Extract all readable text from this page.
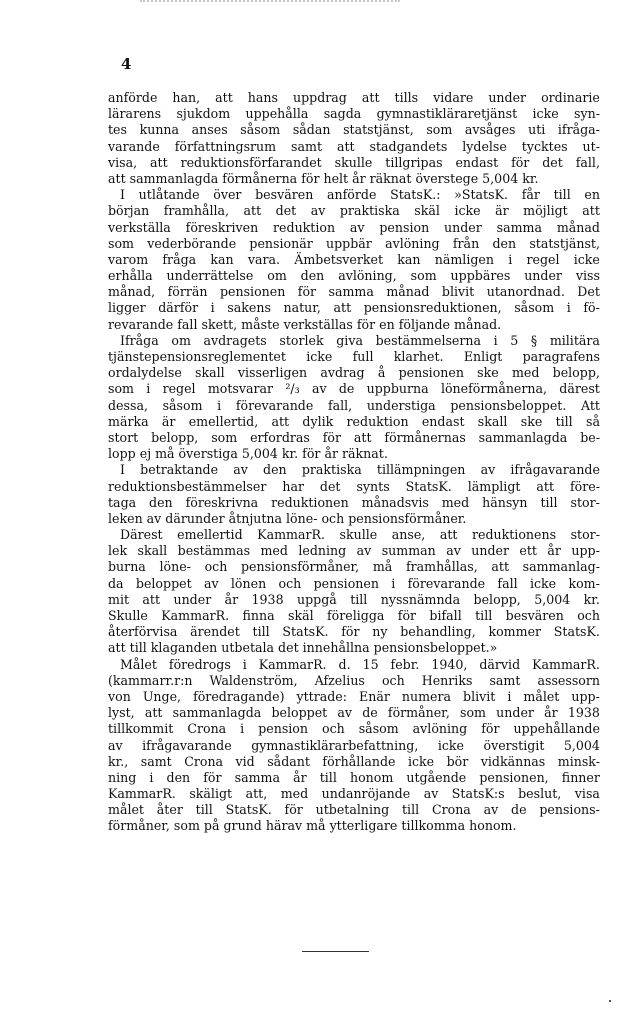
4
anförde han, att hans uppdrag att tills vidare under ordinarie
lärarens sjukdom uppehålla sagda gymnastiklärаretjänst icke syn-
tes kunna anses såsom sådan statstjänst, som avsåges uti ifråga-
varande författningsrum samt att stadgandets lydelse tycktes ut-
visa, att reduktionsförfarandet skulle tillgripas endast för det fall,
att sammanlagda förmånerna för helt år räknat överstege 5,004 kr.
I utlåtande över besvären anförde StatsK.: »StatsK. får till en
början framhålla, att det av praktiska skäl icke är möjligt att
verkställa föreskriven reduktion av pension under samma månad
som vederbörande pensionär uppbär avlöning från den statstjänst,
varom fråga kan vara. Ämbetsverket kan nämligen i regel icke
erhålla underrättelse om den avlöning, som uppbäres under viss
månad, förrän pensionen för samma månad blivit utanordnad. Det
ligger därför i sakens natur, att pensionsreduktionen, såsom i fö-
revarande fall skett, måste verkställas för en följande månad.
Ifråga om avdragets storlek giva bestämmelserna i 5 § militära
tjänstepensionsreglementet icke full klarhet. Enligt paragrafens
ordalydelse skall visserligen avdrag å pensionen ske med belopp,
som i regel motsvarar ²/₃ av de uppburna löneförmånerna, därest
dessa, såsom i förevarande fall, understiga pensionsbeloppet. Att
märka är emellertid, att dylik reduktion endast skall ske till så
stort belopp, som erfordras för att förmånernas sammanlagda be-
lopp ej må överstiga 5,004 kr. för år räknat.
I betraktande av den praktiska tillämpningen av ifrågavarande
reduktionsbestämmelser har det synts StatsK. lämpligt att före-
taga den föreskrivna reduktionen månadsvis med hänsyn till stor-
leken av därunder åtnjutna löne- och pensionsförmåner.
Därest emellertid KammarR. skulle anse, att reduktionens stor-
lek skall bestämmas med ledning av summan av under ett år upp-
burna löne- och pensionsförmåner, må framhållas, att sammanlag-
da beloppet av lönen och pensionen i förevarande fall icke kom-
mit att under år 1938 uppgå till nyssnämnda belopp, 5,004 kr.
Skulle KammarR. finna skäl föreligga för bifall till besvären och
återförvisa ärendet till StatsK. för ny behandling, kommer StatsK.
att till klaganden utbetala det innehållna pensionsbeloppet.»
Målet föredrogs i KammarR. d. 15 febr. 1940, därvid KammarR.
(kammarr.r:n Waldenström, Afzelius och Henriks samt assessorn
von Unge, föredragande) yttrade: Enär numera blivit i målet upp-
lyst, att sammanlagda beloppet av de förmåner, som under år 1938
tillkommit Crona i pension och såsom avlöning för uppehållande
av ifrågavarande gymnastiklärarbefattning, icke överstigit 5,004
kr., samt Crona vid sådant förhållande icke bör vidkännas minsk-
ning i den för samma år till honom utgående pensionen, finner
KammarR. skäligt att, med undanröjande av StatsK:s beslut, visa
målet åter till StatsK. för utbetalning till Crona av de pensions-
förmåner, som på grund härav må ytterligare tillkomma honom.
